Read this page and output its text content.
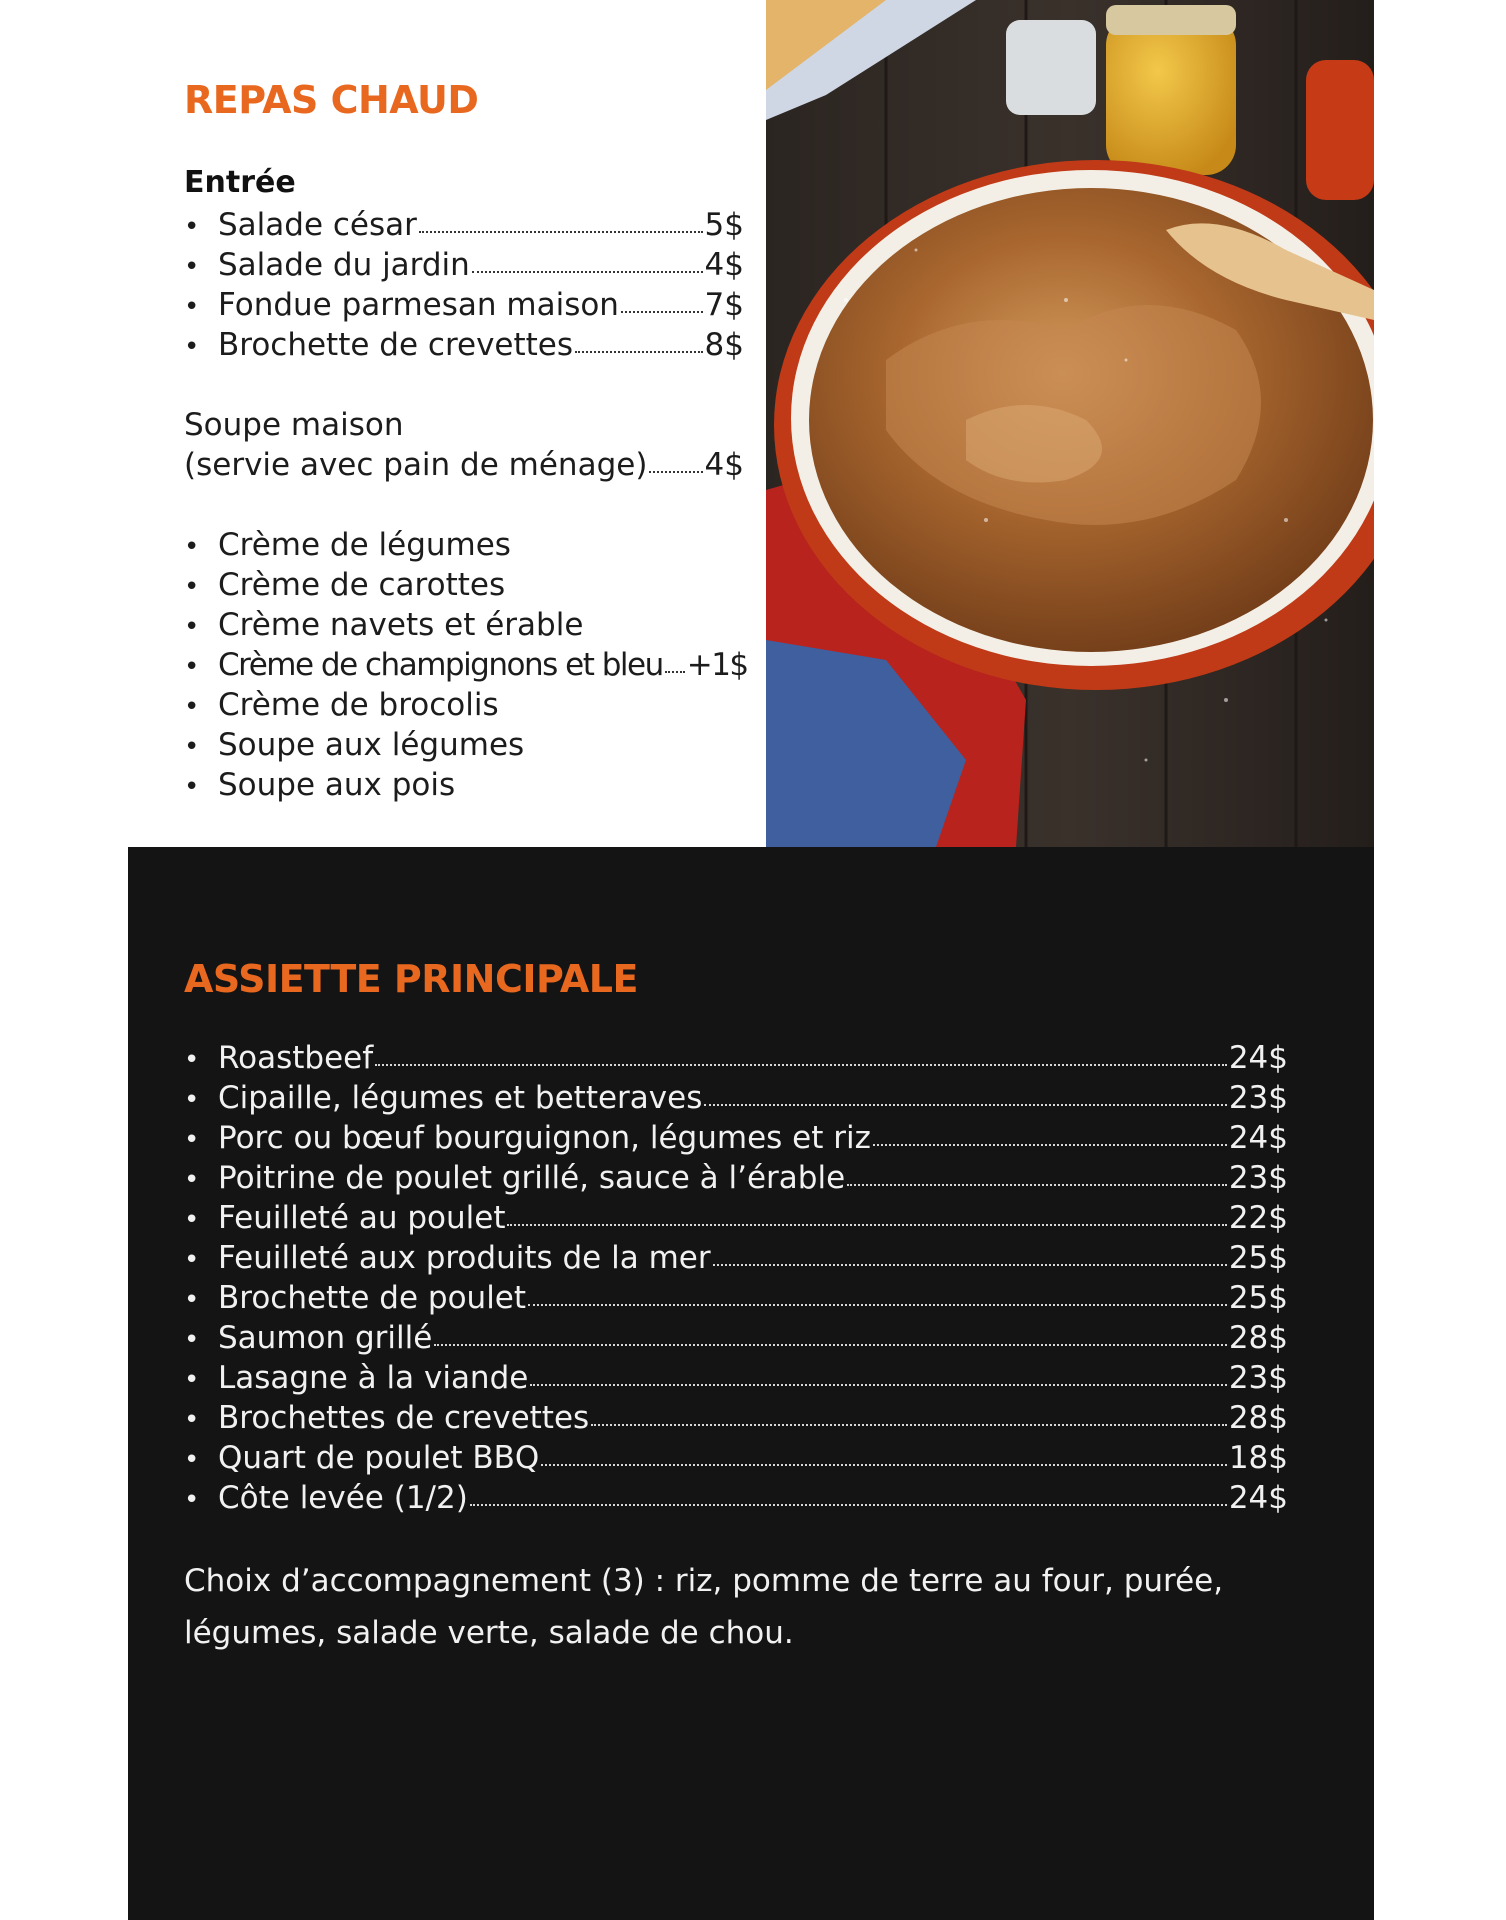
REPAS CHAUD
Entrée
• Salade césar	5$
• Salade du jardin	4$
• Fondue parmesan maison	7$
• Brochette de crevettes	8$
Soupe maison
(servie avec pain de ménage) 4$
• Crème de légumes
• Crème de carottes
• Crème navets et érable
• Crème de champignons et bleu +1$
• Crème de brocolis
• Soupe aux légumes
• Soupe aux pois
ASSIETTE PRINCIPALE
• Roastbeef	24$
• Cipaille, légumes et betteraves	23$
• Porc ou bœuf bourguignon, légumes et riz	24$
• Poitrine de poulet grillé, sauce à l’érable	23$
• Feuilleté au poulet	22$
• Feuilleté aux produits de la mer	25$
• Brochette de poulet	25$
• Saumon grillé	28$
• Lasagne à la viande	23$
• Brochettes de crevettes	28$
• Quart de poulet BBQ	18$
• Côte levée (1/2)	24$

Choix d’accompagnement (3) : riz, pomme de terre au four, purée, légumes, salade verte, salade de chou.
